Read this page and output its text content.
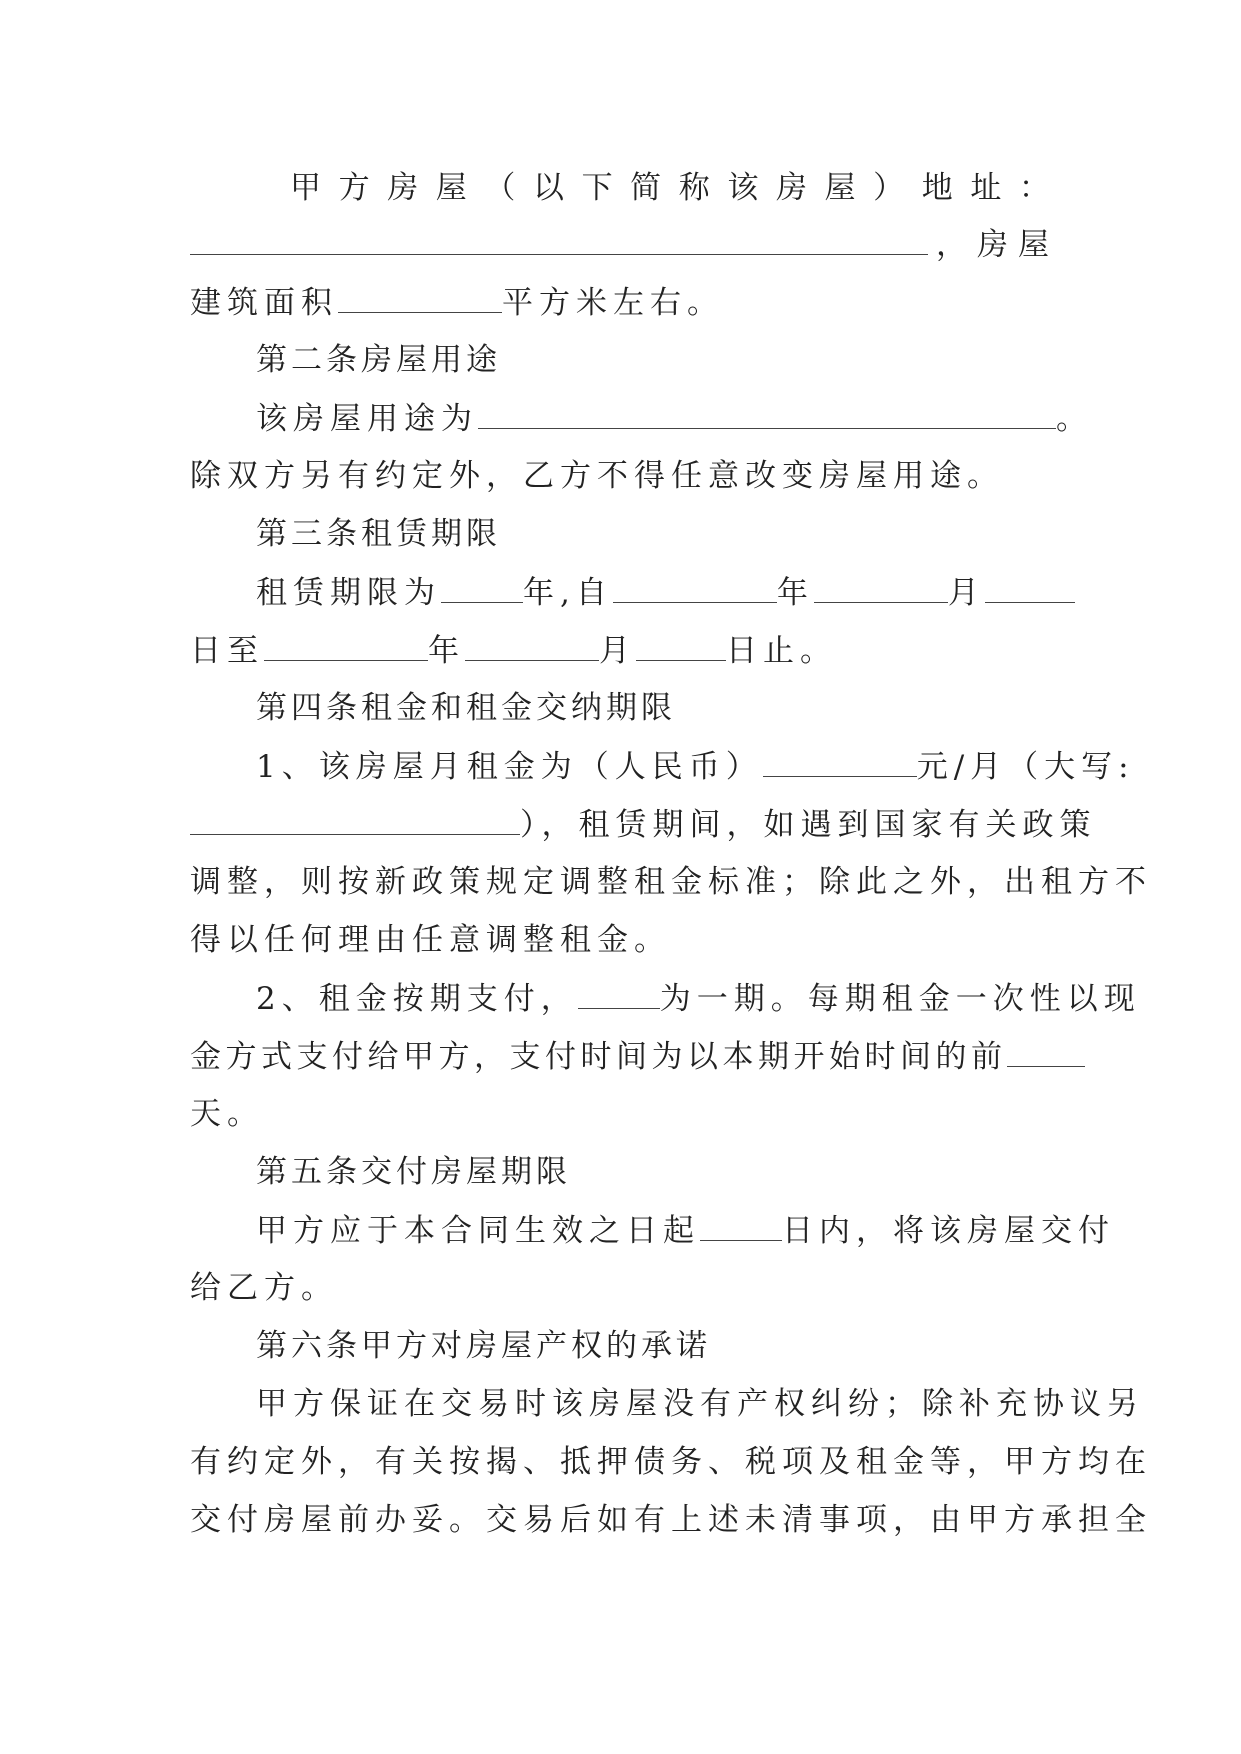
甲 方 房 屋 （ 以 下 简 称 该 房 屋 ） 地 址 ：
，房屋
建筑面积	平方米左右。
第二条房屋用途
该房屋用途为	。
除双方另有约定外，乙方不得任意改变房屋用途。
第三条租赁期限
租赁期限为	年,自	年	月
日至	年	月	日止。
第四条租金和租金交纳期限
1、该房屋月租金为（人民币）	元/月（大写:
），租赁期间，如遇到国家有关政策
调整，则按新政策规定调整租金标准；除此之外，出租方不
得以任何理由任意调整租金。
2、租金按期支付，	为一期。每期租金一次性以现
金方式支付给甲方，支付时间为以本期开始时间的前
天。
第五条交付房屋期限
甲方应于本合同生效之日起	日内，将该房屋交付
给乙方。
第六条甲方对房屋产权的承诺
甲方保证在交易时该房屋没有产权纠纷；除补充协议另
有约定外，有关按揭、抵押债务、税项及租金等，甲方均在
交付房屋前办妥。交易后如有上述未清事项，由甲方承担全
